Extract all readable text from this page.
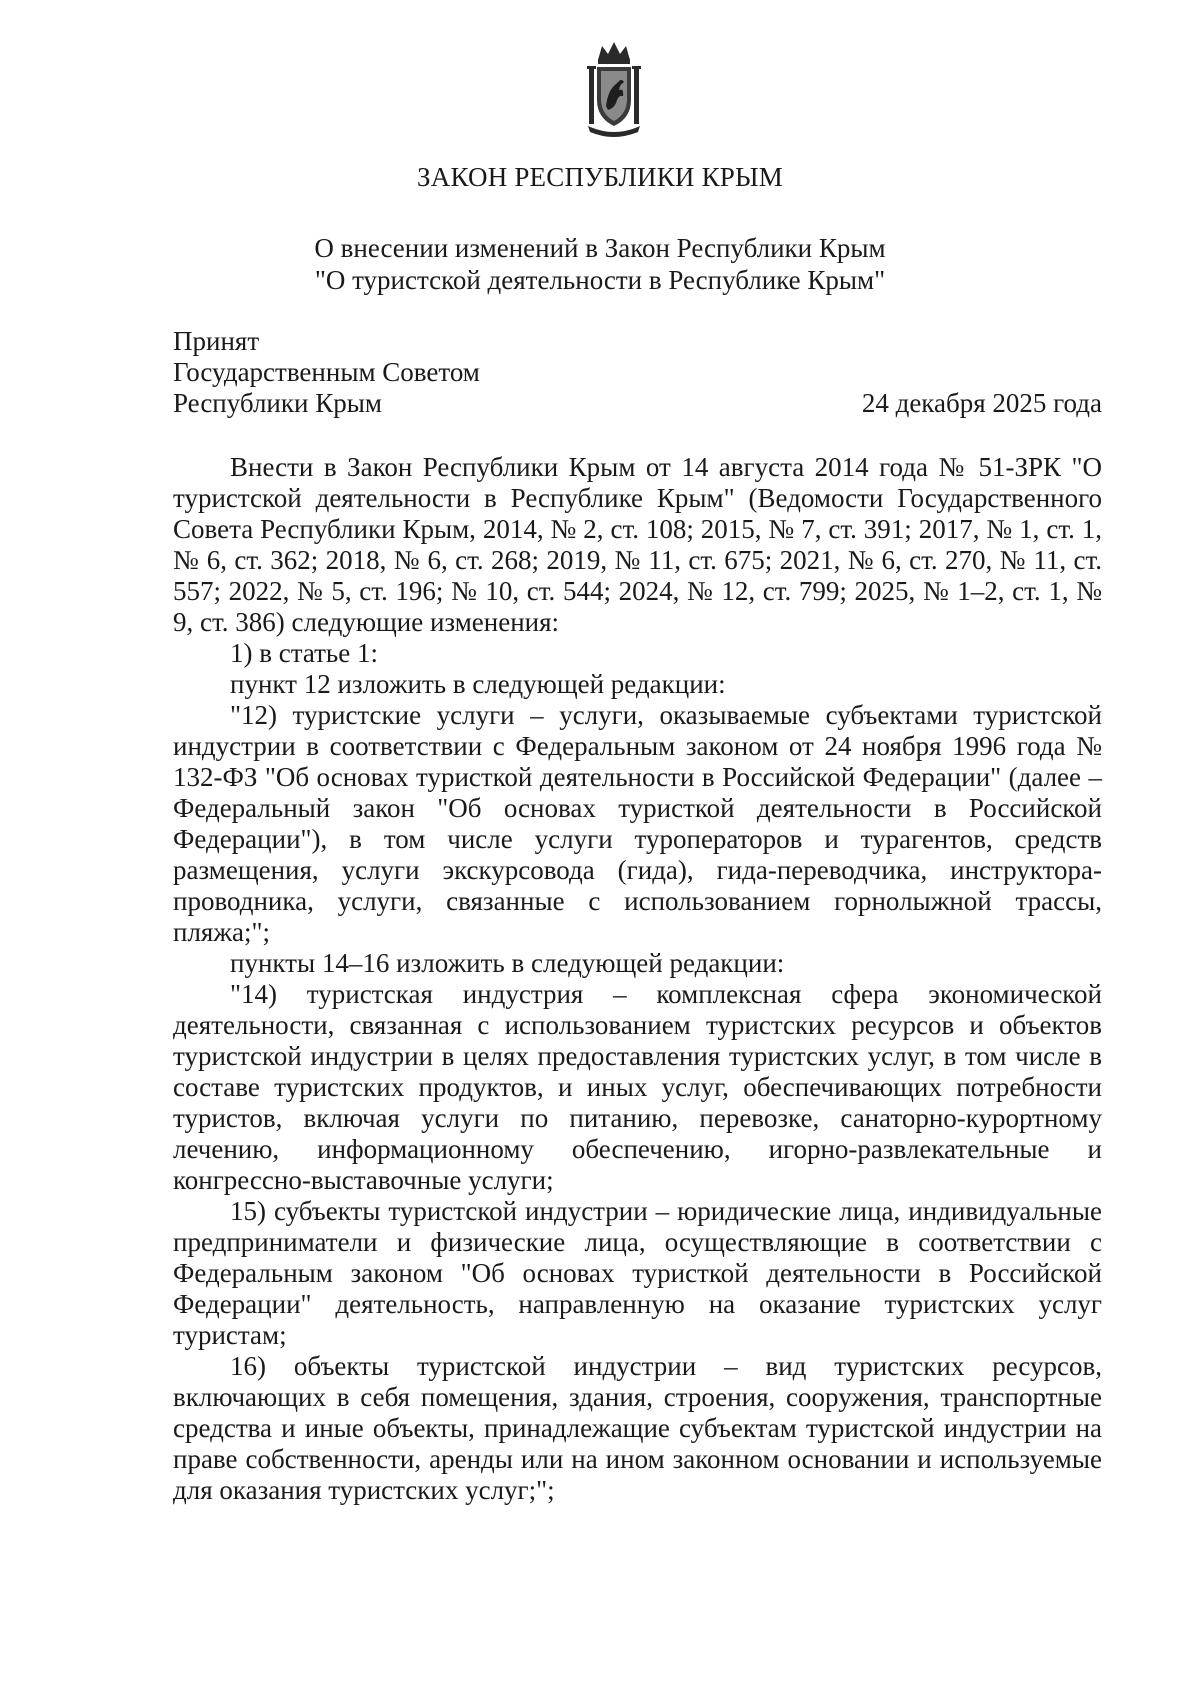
ЗАКОН РЕСПУБЛИКИ КРЫМ
О внесении изменений в Закон Республики Крым
"О туристской деятельности в Республике Крым"
Принят
Государственным Советом
Республики Крым	24 декабря 2025 года

Внести в Закон Республики Крым от 14 августа 2014 года № 51-ЗРК "О туристской деятельности в Республике Крым" (Ведомости Государственного Совета Республики Крым, 2014, № 2, ст. 108; 2015, № 7, ст. 391; 2017, № 1, ст. 1, № 6, ст. 362; 2018, № 6, ст. 268; 2019, № 11, ст. 675; 2021, № 6, ст. 270, № 11, ст. 557; 2022, № 5, ст. 196; № 10, ст. 544; 2024, № 12, ст. 799; 2025, № 1–2, ст. 1, № 9, ст. 386) следующие изменения:

1) в статье 1:

пункт 12 изложить в следующей редакции:

"12) туристские услуги – услуги, оказываемые субъектами туристской индустрии в соответствии с Федеральным законом от 24 ноября 1996 года № 132-ФЗ "Об основах туристкой деятельности в Российской Федерации" (далее – Федеральный закон "Об основах туристкой деятельности в Российской Федерации"), в том числе услуги туроператоров и турагентов, средств размещения, услуги экскурсовода (гида), гида-переводчика, инструктора-проводника, услуги, связанные с использованием горнолыжной трассы, пляжа;";

пункты 14–16 изложить в следующей редакции:

"14) туристская индустрия – комплексная сфера экономической деятельности, связанная с использованием туристских ресурсов и объектов туристской индустрии в целях предоставления туристских услуг, в том числе в составе туристских продуктов, и иных услуг, обеспечивающих потребности туристов, включая услуги по питанию, перевозке, санаторно-курортному лечению, информационному обеспечению, игорно-развлекательные и конгрессно-выставочные услуги;

15) субъекты туристской индустрии – юридические лица, индивидуальные предприниматели и физические лица, осуществляющие в соответствии с Федеральным законом "Об основах туристкой деятельности в Российской Федерации" деятельность, направленную на оказание туристских услуг туристам;

16) объекты туристской индустрии – вид туристских ресурсов, включающих в себя помещения, здания, строения, сооружения, транспортные средства и иные объекты, принадлежащие субъектам туристской индустрии на праве собственности, аренды или на ином законном основании и используемые для оказания туристских услуг;";
